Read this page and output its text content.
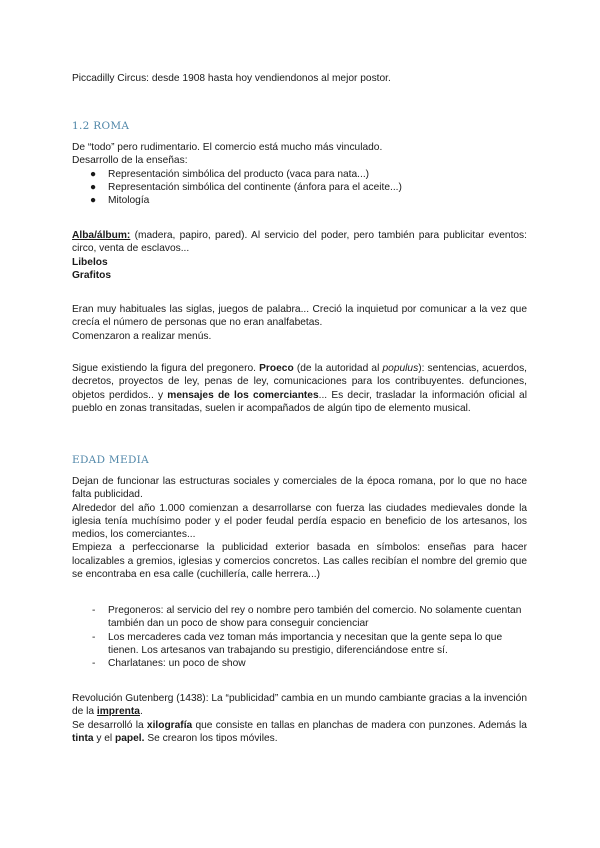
Piccadilly Circus: desde 1908 hasta hoy vendiendonos al mejor postor.
1.2 ROMA
De “todo” pero rudimentario. El comercio está mucho más vinculado.
Desarrollo de la enseñas:
● Representación simbólica del producto (vaca para nata...)
● Representación simbólica del continente (ánfora para el aceite...)
● Mitología
Alba/álbum: (madera, papiro, pared). Al servicio del poder, pero también para publicitar eventos: circo, venta de esclavos...
Libelos
Grafitos
Eran muy habituales las siglas, juegos de palabra... Creció la inquietud por comunicar a la vez que crecía el número de personas que no eran analfabetas.
Comenzaron a realizar menús.
Sigue existiendo la figura del pregonero. Proeco (de la autoridad al populus): sentencias, acuerdos, decretos, proyectos de ley, penas de ley, comunicaciones para los contribuyentes. defunciones, objetos perdidos.. y mensajes de los comerciantes... Es decir, trasladar la información oficial al pueblo en zonas transitadas, suelen ir acompañados de algún tipo de elemento musical.
EDAD MEDIA
Dejan de funcionar las estructuras sociales y comerciales de la época romana, por lo que no hace falta publicidad.
Alrededor del año 1.000 comienzan a desarrollarse con fuerza las ciudades medievales donde la iglesia tenía muchísimo poder y el poder feudal perdía espacio en beneficio de los artesanos, los medios, los comerciantes...
Empieza a perfeccionarse la publicidad exterior basada en símbolos: enseñas para hacer localizables a gremios, iglesias y comercios concretos. Las calles recibían el nombre del gremio que se encontraba en esa calle (cuchillería, calle herrera...)
- Pregoneros: al servicio del rey o nombre pero también del comercio. No solamente cuentan también dan un poco de show para conseguir concienciar
- Los mercaderes cada vez toman más importancia y necesitan que la gente sepa lo que tienen. Los artesanos van trabajando su prestigio, diferenciándose entre sí.
- Charlatanes: un poco de show
Revolución Gutenberg (1438): La “publicidad” cambia en un mundo cambiante gracias a la invención de la imprenta.
Se desarrolló la xilografía que consiste en tallas en planchas de madera con punzones. Además la tinta y el papel. Se crearon los tipos móviles.
